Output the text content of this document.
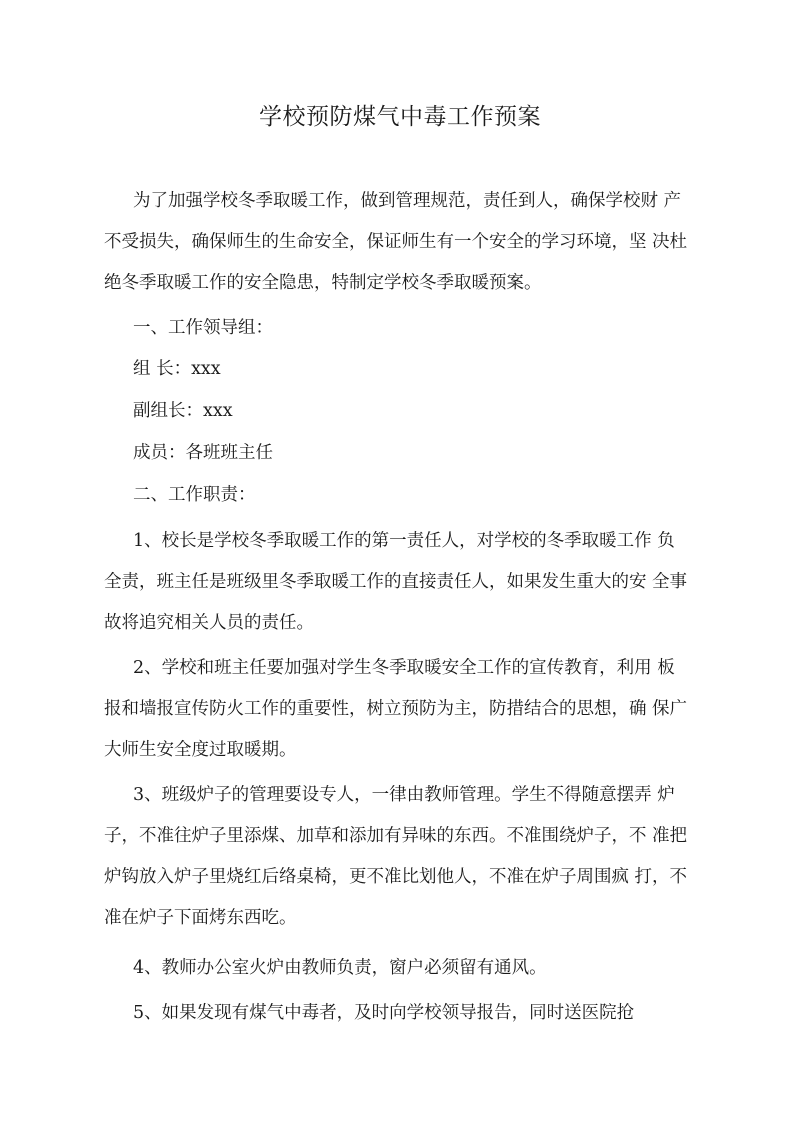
学校预防煤气中毒工作预案
为了加强学校冬季取暖工作，做到管理规范，责任到人，确保学校财 产
不受损失，确保师生的生命安全，保证师生有一个安全的学习环境，坚 决杜
绝冬季取暖工作的安全隐患，特制定学校冬季取暖预案。
一、工作领导组：
组 长：xxx
副组长：xxx
成员：各班班主任
二、工作职责：
1、校长是学校冬季取暖工作的第一责任人，对学校的冬季取暖工作 负
全责，班主任是班级里冬季取暖工作的直接责任人，如果发生重大的安 全事
故将追究相关人员的责任。
2、学校和班主任要加强对学生冬季取暖安全工作的宣传教育，利用 板
报和墙报宣传防火工作的重要性，树立预防为主，防措结合的思想，确 保广
大师生安全度过取暖期。
3、班级炉子的管理要设专人，一律由教师管理。学生不得随意摆弄 炉
子，不准往炉子里添煤、加草和添加有异味的东西。不准围绕炉子，不 准把
炉钩放入炉子里烧红后络桌椅，更不准比划他人，不准在炉子周围疯 打，不
准在炉子下面烤东西吃。
4、教师办公室火炉由教师负责，窗户必须留有通风。
5、如果发现有煤气中毒者，及时向学校领导报告，同时送医院抢
